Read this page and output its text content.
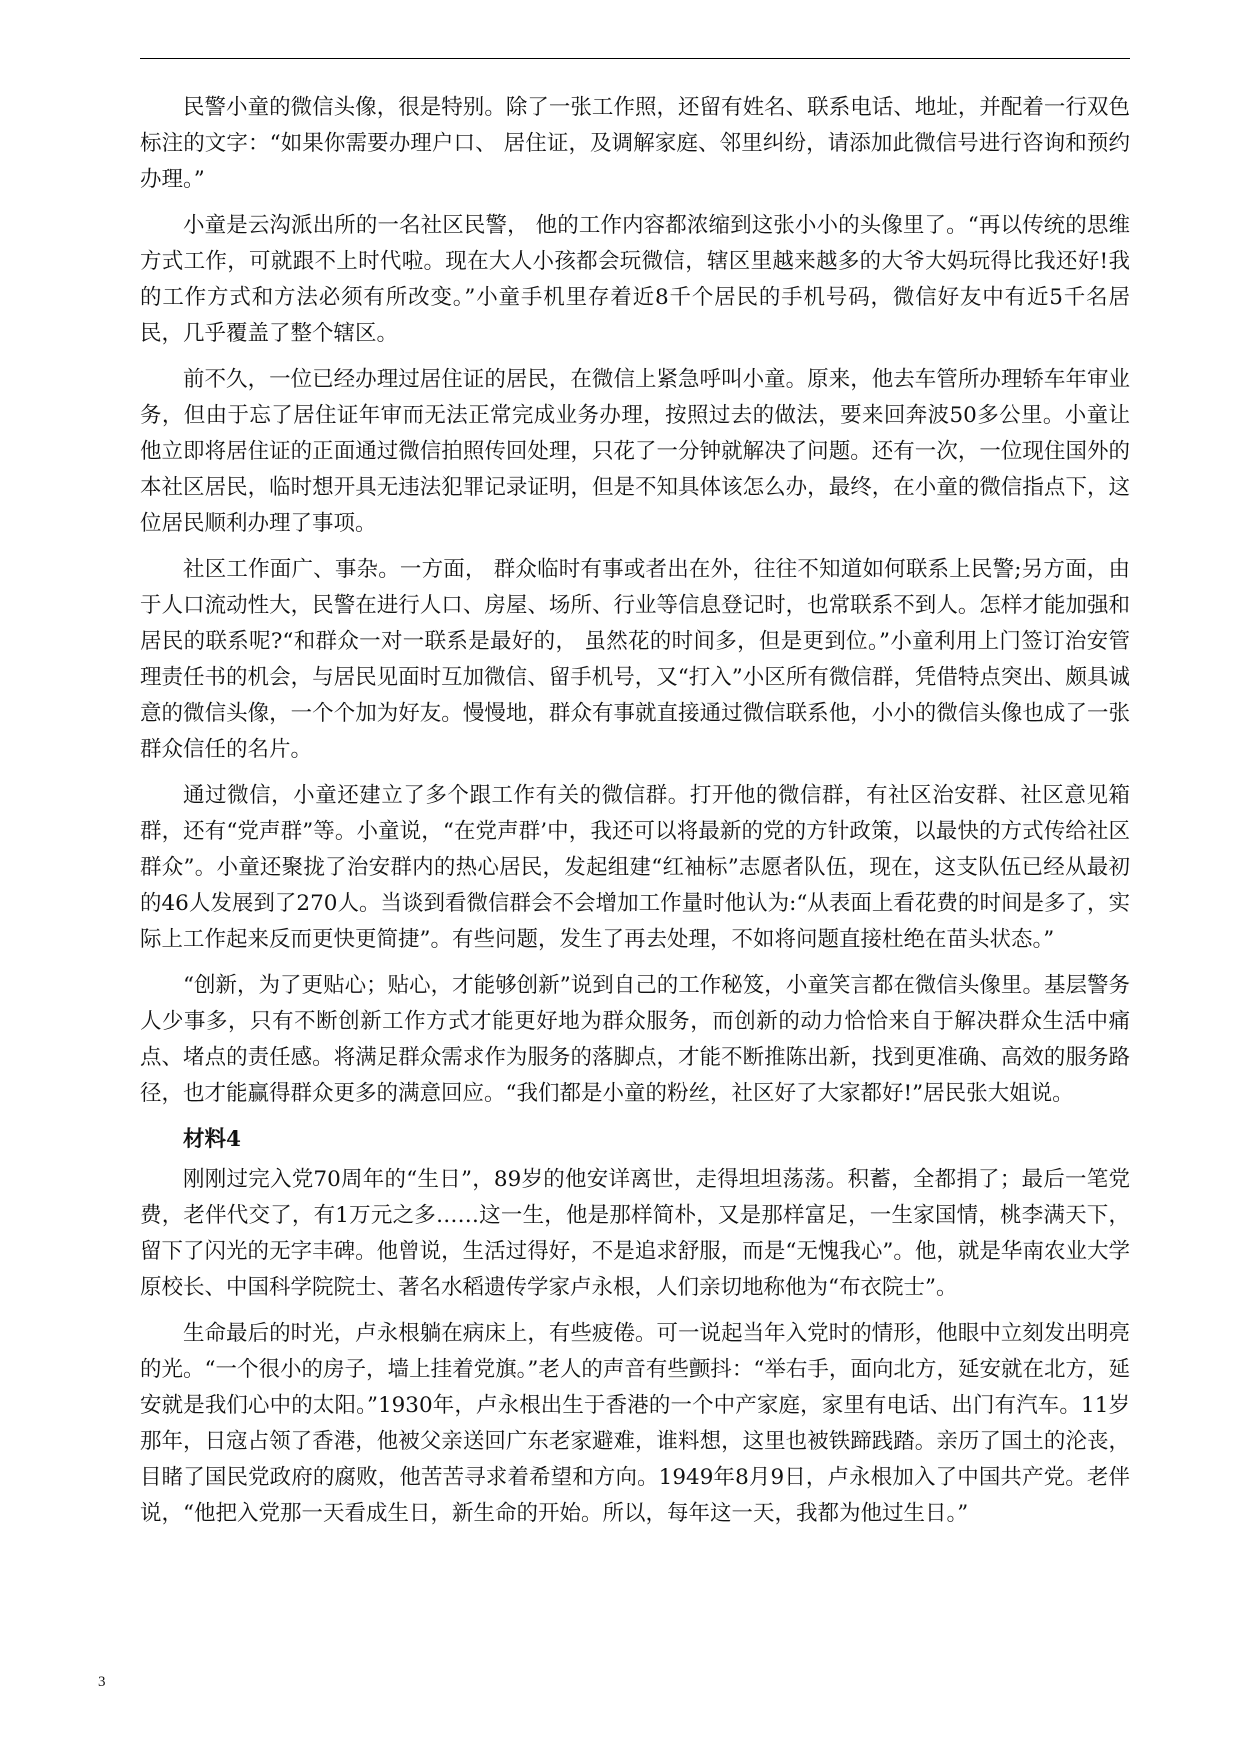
民警小童的微信头像，很是特别。除了一张工作照，还留有姓名、联系电话、地址，并配着一行双色标注的文字：“如果你需要办理户口、 居住证，及调解家庭、邻里纠纷，请添加此微信号进行咨询和预约办理。”

小童是云沟派出所的一名社区民警， 他的工作内容都浓缩到这张小小的头像里了。“再以传统的思维方式工作，可就跟不上时代啦。现在大人小孩都会玩微信，辖区里越来越多的大爷大妈玩得比我还好!我的工作方式和方法必须有所改变。”小童手机里存着近8千个居民的手机号码，微信好友中有近5千名居民，几乎覆盖了整个辖区。

前不久，一位已经办理过居住证的居民，在微信上紧急呼叫小童。原来，他去车管所办理轿车年审业务，但由于忘了居住证年审而无法正常完成业务办理，按照过去的做法，要来回奔波50多公里。小童让他立即将居住证的正面通过微信拍照传回处理，只花了一分钟就解决了问题。还有一次，一位现住国外的本社区居民，临时想开具无违法犯罪记录证明，但是不知具体该怎么办，最终，在小童的微信指点下，这位居民顺利办理了事项。

社区工作面广、事杂。一方面， 群众临时有事或者出在外，往往不知道如何联系上民警;另方面，由于人口流动性大，民警在进行人口、房屋、场所、行业等信息登记时，也常联系不到人。怎样才能加强和居民的联系呢?“和群众一对一联系是最好的， 虽然花的时间多，但是更到位。”小童利用上门签订治安管理责任书的机会，与居民见面时互加微信、留手机号，又“打入”小区所有微信群，凭借特点突出、颇具诚意的微信头像，一个个加为好友。慢慢地，群众有事就直接通过微信联系他，小小的微信头像也成了一张群众信任的名片。

通过微信，小童还建立了多个跟工作有关的微信群。打开他的微信群，有社区治安群、社区意见箱群，还有“党声群”等。小童说，“在党声群’中，我还可以将最新的党的方针政策，以最快的方式传给社区群众”。小童还聚拢了治安群内的热心居民，发起组建“红袖标”志愿者队伍，现在，这支队伍已经从最初的46人发展到了270人。当谈到看微信群会不会增加工作量时他认为:“从表面上看花费的时间是多了，实际上工作起来反而更快更简捷”。有些问题，发生了再去处理，不如将问题直接杜绝在苗头状态。”

“创新，为了更贴心；贴心，才能够创新”说到自己的工作秘笈，小童笑言都在微信头像里。基层警务人少事多，只有不断创新工作方式才能更好地为群众服务，而创新的动力恰恰来自于解决群众生活中痛点、堵点的责任感。将满足群众需求作为服务的落脚点，才能不断推陈出新，找到更准确、高效的服务路径，也才能赢得群众更多的满意回应。“我们都是小童的粉丝，社区好了大家都好!”居民张大姐说。

材料4

刚刚过完入党70周年的“生日”，89岁的他安详离世，走得坦坦荡荡。积蓄，全都捐了；最后一笔党费，老伴代交了，有1万元之多……这一生，他是那样简朴，又是那样富足，一生家国情，桃李满天下，留下了闪光的无字丰碑。他曾说，生活过得好，不是追求舒服，而是“无愧我心”。他，就是华南农业大学原校长、中国科学院院士、著名水稻遗传学家卢永根，人们亲切地称他为“布衣院士”。

生命最后的时光，卢永根躺在病床上，有些疲倦。可一说起当年入党时的情形，他眼中立刻发出明亮的光。“一个很小的房子，墙上挂着党旗。”老人的声音有些颤抖：“举右手，面向北方，延安就在北方，延安就是我们心中的太阳。”1930年，卢永根出生于香港的一个中产家庭，家里有电话、出门有汽车。11岁那年，日寇占领了香港，他被父亲送回广东老家避难，谁料想，这里也被铁蹄践踏。亲历了国土的沦丧，目睹了国民党政府的腐败，他苦苦寻求着希望和方向。1949年8月9日，卢永根加入了中国共产党。老伴说，“他把入党那一天看成生日，新生命的开始。所以，每年这一天，我都为他过生日。”

3
